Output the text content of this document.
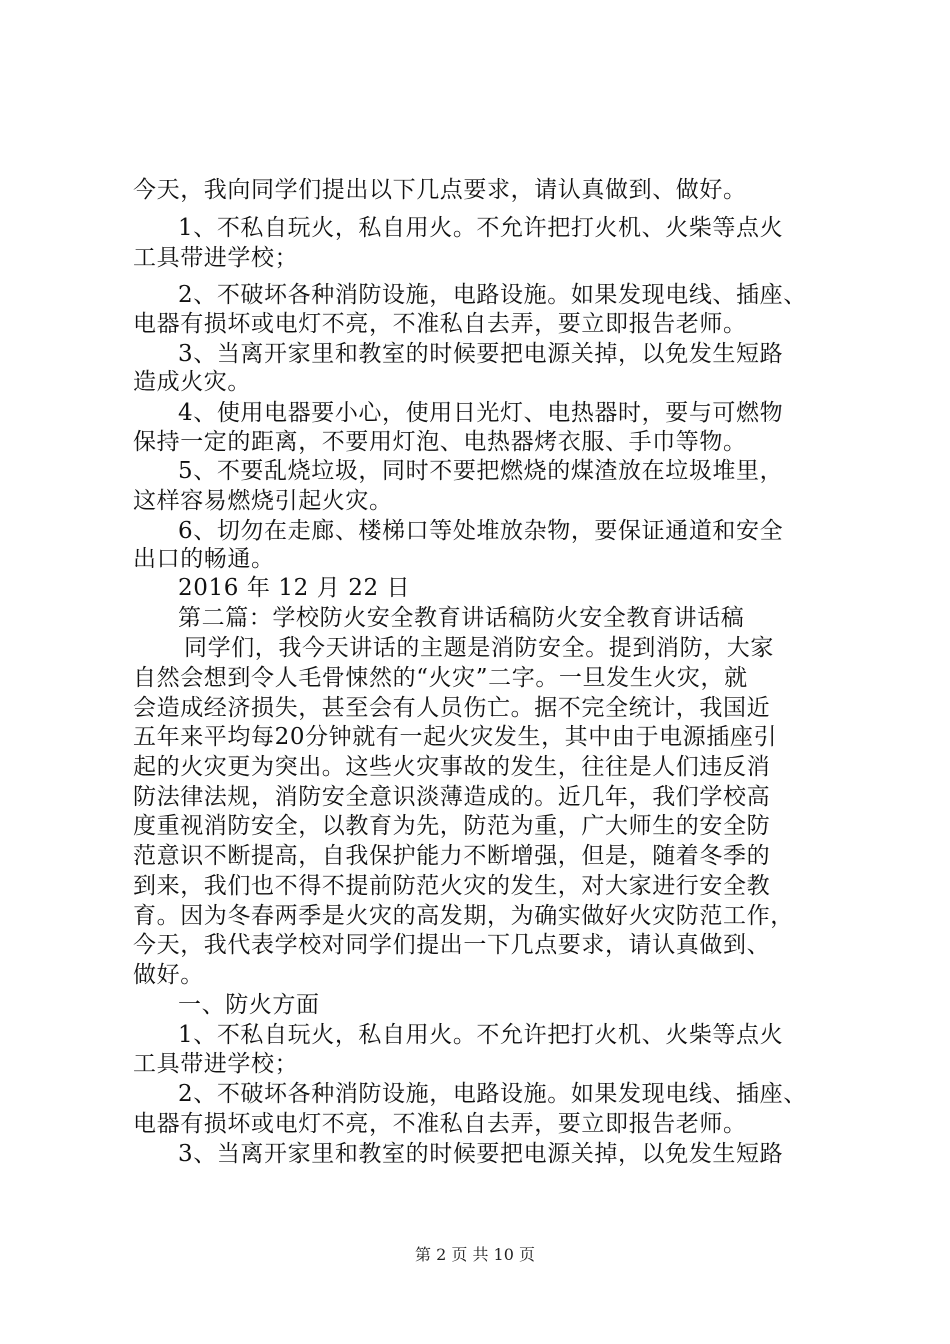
今天，我向同学们提出以下几点要求，请认真做到、做好。
1、不私自玩火，私自用火。不允许把打火机、火柴等点火
工具带进学校；
2、不破坏各种消防设施，电路设施。如果发现电线、插座、
电器有损坏或电灯不亮，不准私自去弄，要立即报告老师。
3、当离开家里和教室的时候要把电源关掉，以免发生短路
造成火灾。
4、使用电器要小心，使用日光灯、电热器时，要与可燃物
保持一定的距离，不要用灯泡、电热器烤衣服、手巾等物。
5、不要乱烧垃圾，同时不要把燃烧的煤渣放在垃圾堆里，
这样容易燃烧引起火灾。
6、切勿在走廊、楼梯口等处堆放杂物，要保证通道和安全
出口的畅通。
2016 年 12 月 22 日
第二篇：学校防火安全教育讲话稿防火安全教育讲话稿
同学们，我今天讲话的主题是消防安全。提到消防，大家
自然会想到令人毛骨悚然的“火灾”二字。一旦发生火灾，就
会造成经济损失，甚至会有人员伤亡。据不完全统计，我国近
五年来平均每20分钟就有一起火灾发生，其中由于电源插座引
起的火灾更为突出。这些火灾事故的发生，往往是人们违反消
防法律法规，消防安全意识淡薄造成的。近几年，我们学校高
度重视消防安全，以教育为先，防范为重，广大师生的安全防
范意识不断提高，自我保护能力不断增强，但是，随着冬季的
到来，我们也不得不提前防范火灾的发生，对大家进行安全教
育。因为冬春两季是火灾的高发期，为确实做好火灾防范工作，
今天，我代表学校对同学们提出一下几点要求，请认真做到、
做好。
一、防火方面
1、不私自玩火，私自用火。不允许把打火机、火柴等点火
工具带进学校；
2、不破坏各种消防设施，电路设施。如果发现电线、插座、
电器有损坏或电灯不亮，不准私自去弄，要立即报告老师。
3、当离开家里和教室的时候要把电源关掉，以免发生短路
第 2 页 共 10 页
